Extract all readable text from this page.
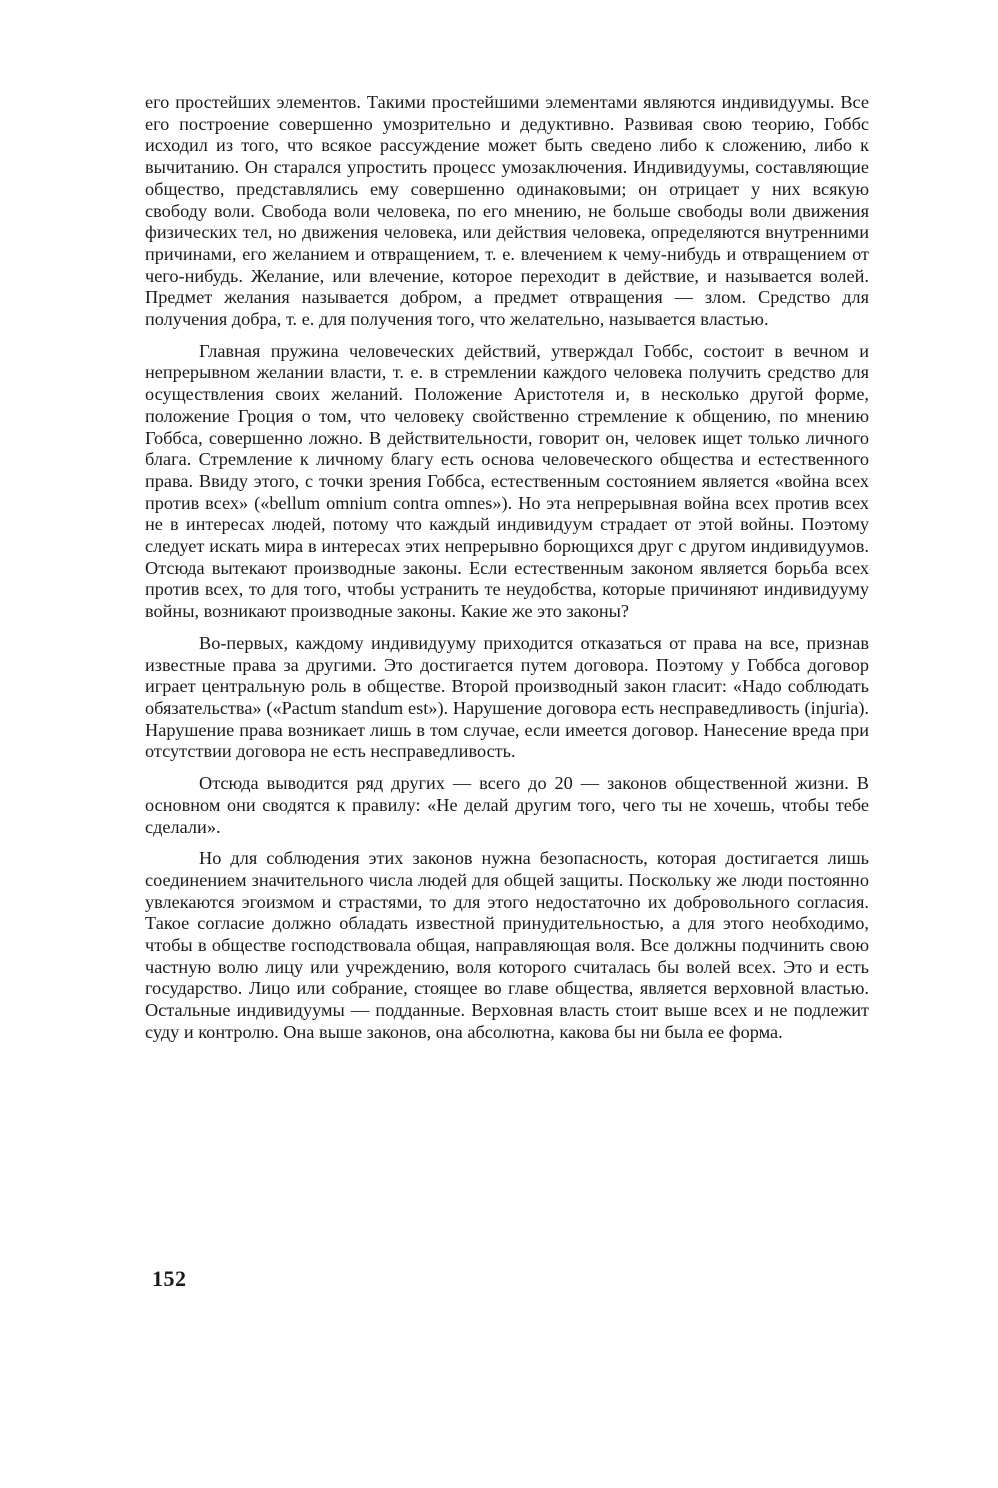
его простейших элементов. Такими простейшими элементами являются индивидуумы. Все его построение совершенно умозрительно и дедуктивно. Развивая свою теорию, Гоббс исходил из того, что всякое рассуждение может быть сведено либо к сложению, либо к вычитанию. Он старался упростить процесс умозаключения. Индивидуумы, составляющие общество, представлялись ему совершенно одинаковыми; он отрицает у них всякую свободу воли. Свобода воли человека, по его мнению, не больше свободы воли движения физических тел, но движения человека, или действия человека, определяются внутренними причинами, его желанием и отвращением, т. е. влечением к чему-нибудь и отвращением от чего-нибудь. Желание, или влечение, которое переходит в действие, и называется волей. Предмет желания называется добром, а предмет отвращения — злом. Средство для получения добра, т. е. для получения того, что желательно, называется властью.

Главная пружина человеческих действий, утверждал Гоббс, состоит в вечном и непрерывном желании власти, т. е. в стремлении каждого человека получить средство для осуществления своих желаний. Положение Аристотеля и, в несколько другой форме, положение Гроция о том, что человеку свойственно стремление к общению, по мнению Гоббса, совершенно ложно. В действительности, говорит он, человек ищет только личного блага. Стремление к личному благу есть основа человеческого общества и естественного права. Ввиду этого, с точки зрения Гоббса, естественным состоянием является «война всех против всех» («bellum omnium contra omnes»). Но эта непрерывная война всех против всех не в интересах людей, потому что каждый индивидуум страдает от этой войны. Поэтому следует искать мира в интересах этих непрерывно борющихся друг с другом индивидуумов. Отсюда вытекают производные законы. Если естественным законом является борьба всех против всех, то для того, чтобы устранить те неудобства, которые причиняют индивидууму войны, возникают производные законы. Какие же это законы?

Во-первых, каждому индивидууму приходится отказаться от права на все, признав известные права за другими. Это достигается путем договора. Поэтому у Гоббса договор играет центральную роль в обществе. Второй производный закон гласит: «Надо соблюдать обязательства» («Pactum standum est»). Нарушение договора есть несправедливость (injuria). Нарушение права возникает лишь в том случае, если имеется договор. Нанесение вреда при отсутствии договора не есть несправедливость.

Отсюда выводится ряд других — всего до 20 — законов общественной жизни. В основном они сводятся к правилу: «Не делай другим того, чего ты не хочешь, чтобы тебе сделали».

Но для соблюдения этих законов нужна безопасность, которая достигается лишь соединением значительного числа людей для общей защиты. Поскольку же люди постоянно увлекаются эгоизмом и страстями, то для этого недостаточно их добровольного согласия. Такое согласие должно обладать известной принудительностью, а для этого необходимо, чтобы в обществе господствовала общая, направляющая воля. Все должны подчинить свою частную волю лицу или учреждению, воля которого считалась бы волей всех. Это и есть государство. Лицо или собрание, стоящее во главе общества, является верховной властью. Остальные индивидуумы — подданные. Верховная власть стоит выше всех и не подлежит суду и контролю. Она выше законов, она абсолютна, какова бы ни была ее форма.

152
